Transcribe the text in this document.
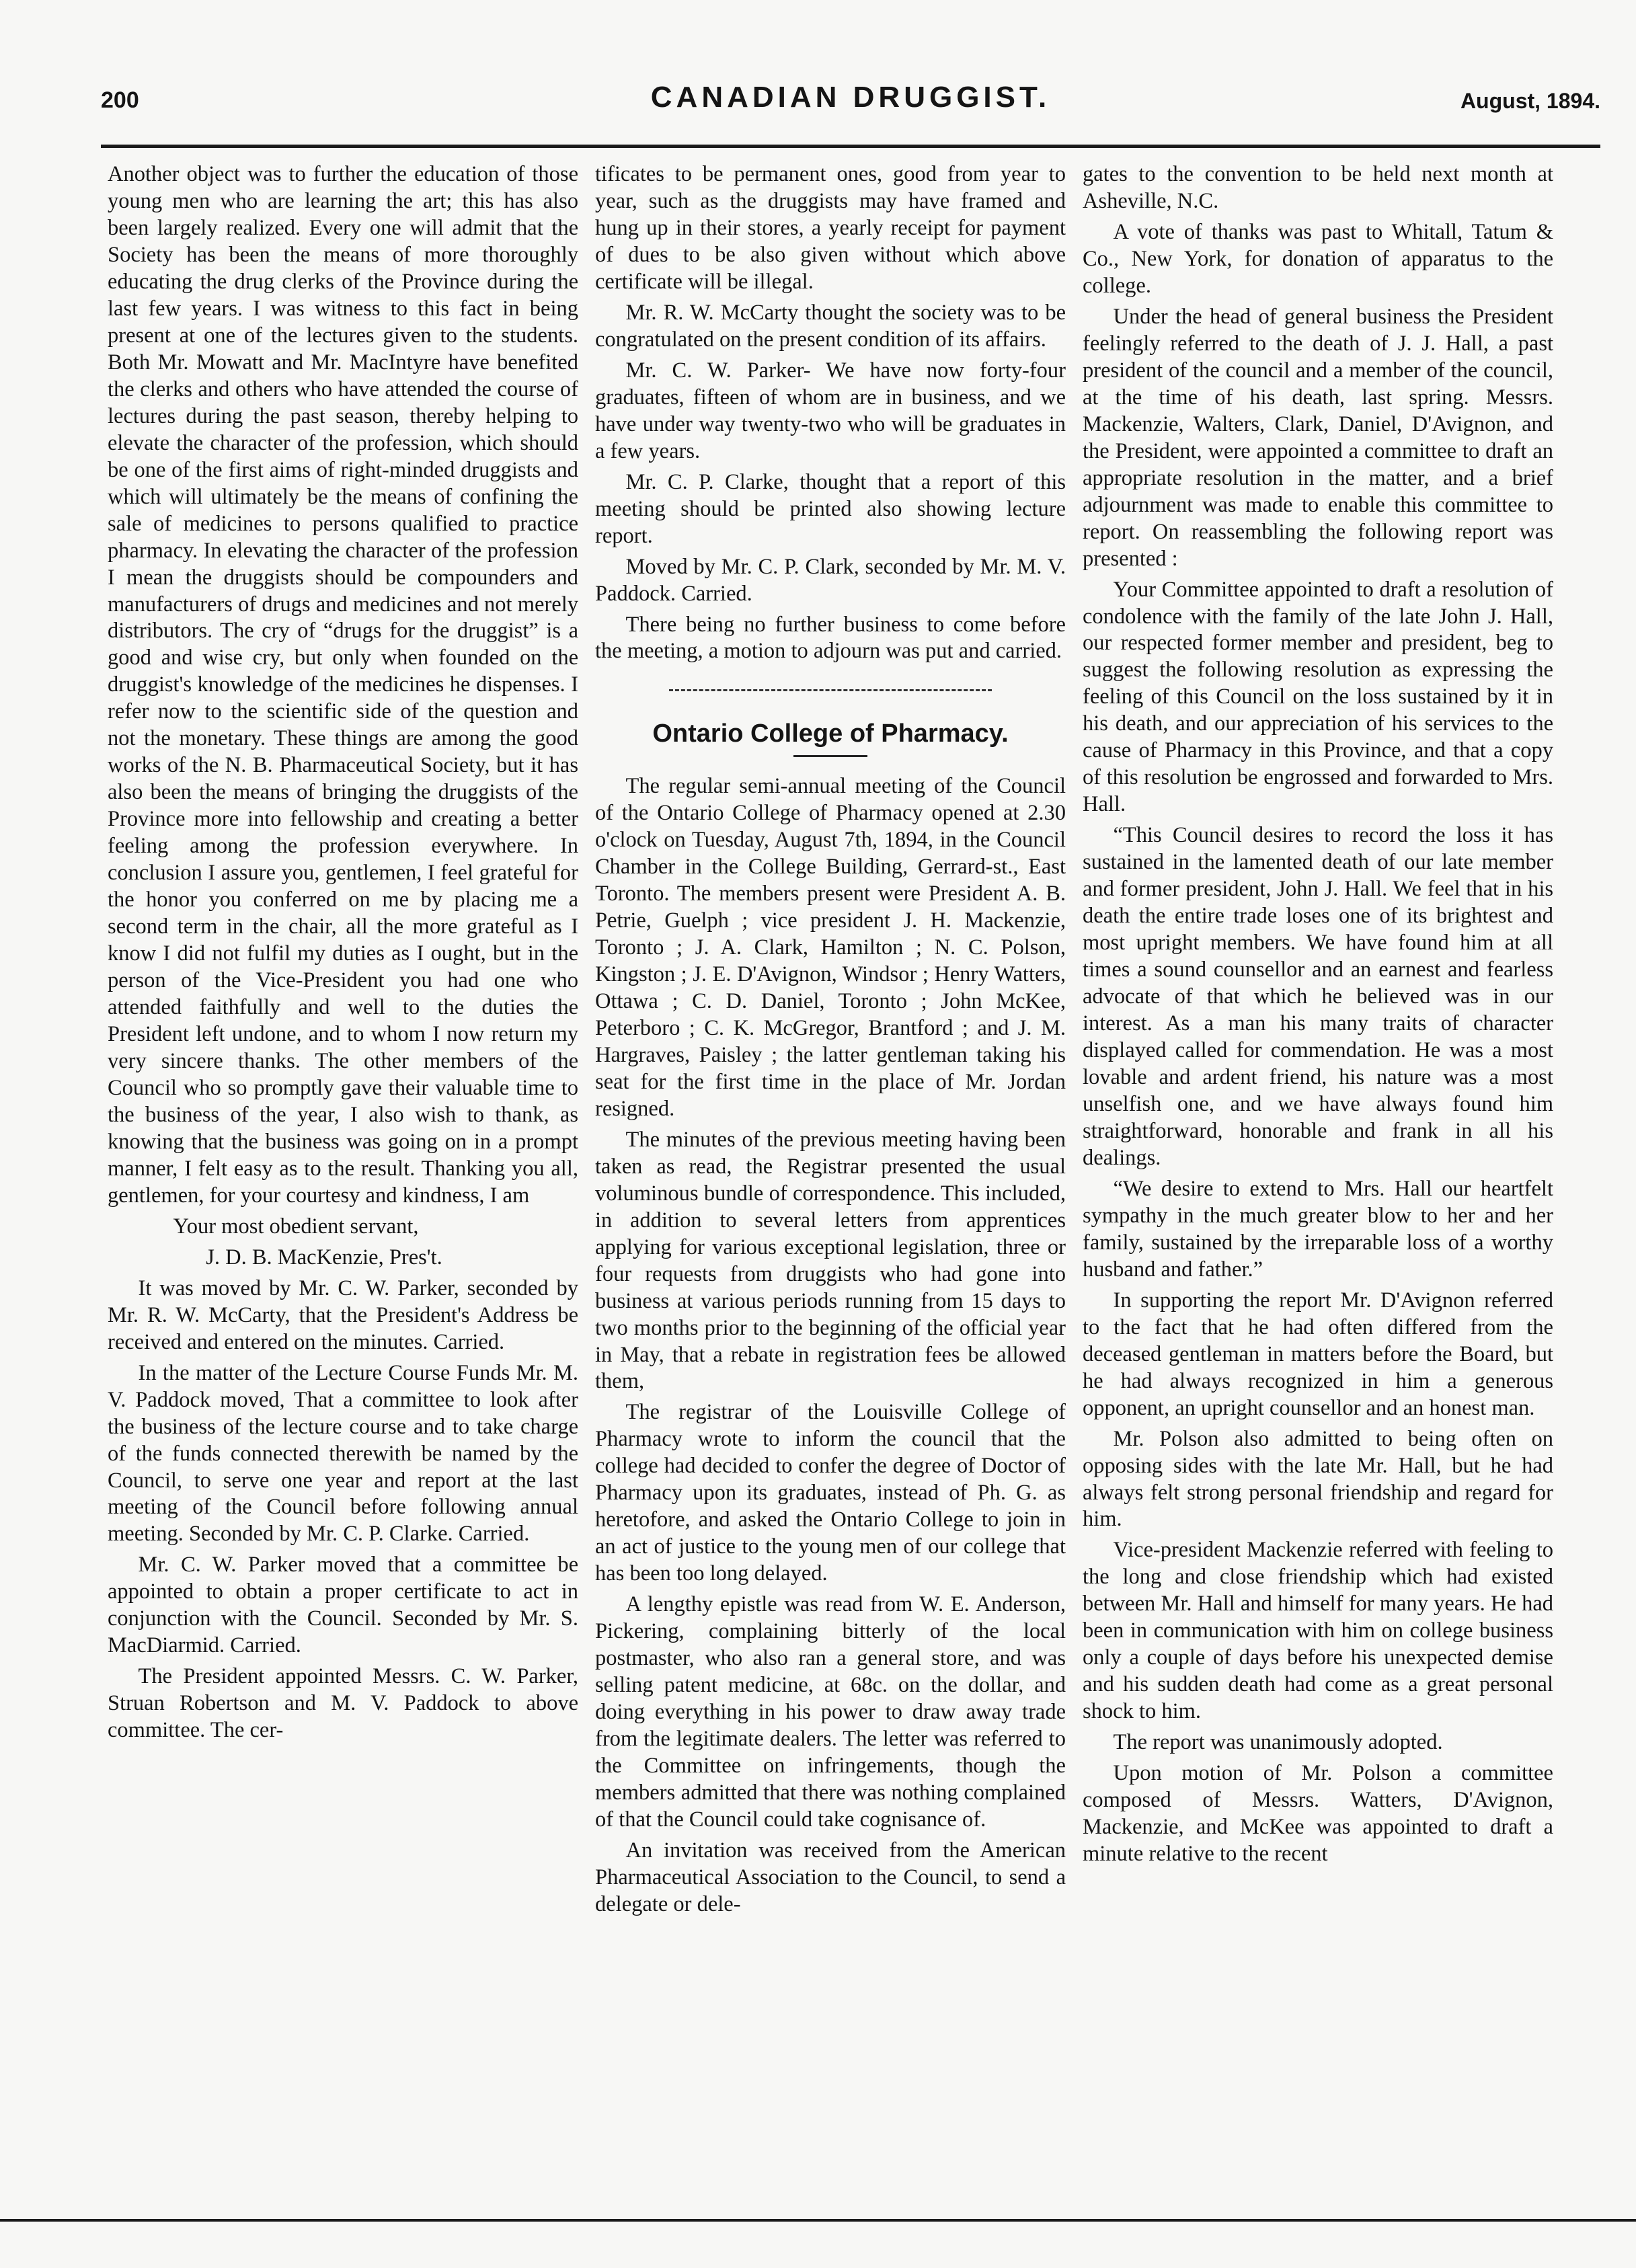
200	CANADIAN DRUGGIST.	August, 1894.

Another object was to further the education of those young men who are learning the art; this has also been largely realized. Every one will admit that the Society has been the means of more thoroughly educating the drug clerks of the Province during the last few years. I was witness to this fact in being present at one of the lectures given to the students. Both Mr. Mowatt and Mr. MacIntyre have benefited the clerks and others who have attended the course of lectures during the past season, thereby helping to elevate the character of the profession, which should be one of the first aims of right-minded druggists and which will ultimately be the means of confining the sale of medicines to persons qualified to practice pharmacy. In elevating the character of the profession I mean the druggists should be compounders and manufacturers of drugs and medicines and not merely distributors. The cry of “drugs for the druggist” is a good and wise cry, but only when founded on the druggist's knowledge of the medicines he dispenses. I refer now to the scientific side of the question and not the monetary. These things are among the good works of the N. B. Pharmaceutical Society, but it has also been the means of bringing the druggists of the Province more into fellowship and creating a better feeling among the profession everywhere. In conclusion I assure you, gentlemen, I feel grateful for the honor you conferred on me by placing me a second term in the chair, all the more grateful as I know I did not fulfil my duties as I ought, but in the person of the Vice-President you had one who attended faithfully and well to the duties the President left undone, and to whom I now return my very sincere thanks. The other members of the Council who so promptly gave their valuable time to the business of the year, I also wish to thank, as knowing that the business was going on in a prompt manner, I felt easy as to the result. Thanking you all, gentlemen, for your courtesy and kindness, I am

Your most obedient servant,

J. D. B. MacKenzie, Pres't.

It was moved by Mr. C. W. Parker, seconded by Mr. R. W. McCarty, that the President's Address be received and entered on the minutes. Carried.

In the matter of the Lecture Course Funds Mr. M. V. Paddock moved, That a committee to look after the business of the lecture course and to take charge of the funds connected therewith be named by the Council, to serve one year and report at the last meeting of the Council before following annual meeting. Seconded by Mr. C. P. Clarke. Carried.

Mr. C. W. Parker moved that a committee be appointed to obtain a proper certificate to act in conjunction with the Council. Seconded by Mr. S. MacDiarmid. Carried.

The President appointed Messrs. C. W. Parker, Struan Robertson and M. V. Paddock to above committee. The cer-

tificates to be permanent ones, good from year to year, such as the druggists may have framed and hung up in their stores, a yearly receipt for payment of dues to be also given without which above certificate will be illegal.

Mr. R. W. McCarty thought the society was to be congratulated on the present condition of its affairs.

Mr. C. W. Parker- We have now forty-four graduates, fifteen of whom are in business, and we have under way twenty-two who will be graduates in a few years.

Mr. C. P. Clarke, thought that a report of this meeting should be printed also showing lecture report.

Moved by Mr. C. P. Clark, seconded by Mr. M. V. Paddock. Carried.

There being no further business to come before the meeting, a motion to adjourn was put and carried.

Ontario College of Pharmacy.

The regular semi-annual meeting of the Council of the Ontario College of Pharmacy opened at 2.30 o'clock on Tuesday, August 7th, 1894, in the Council Chamber in the College Building, Gerrard-st., East Toronto. The members present were President A. B. Petrie, Guelph ; vice president J. H. Mackenzie, Toronto ; J. A. Clark, Hamilton ; N. C. Polson, Kingston ; J. E. D'Avignon, Windsor ; Henry Watters, Ottawa ; C. D. Daniel, Toronto ; John McKee, Peterboro ; C. K. McGregor, Brantford ; and J. M. Hargraves, Paisley ; the latter gentleman taking his seat for the first time in the place of Mr. Jordan resigned.

The minutes of the previous meeting having been taken as read, the Registrar presented the usual voluminous bundle of correspondence. This included, in addition to several letters from apprentices applying for various exceptional legislation, three or four requests from druggists who had gone into business at various periods running from 15 days to two months prior to the beginning of the official year in May, that a rebate in registration fees be allowed them,

The registrar of the Louisville College of Pharmacy wrote to inform the council that the college had decided to confer the degree of Doctor of Pharmacy upon its graduates, instead of Ph. G. as heretofore, and asked the Ontario College to join in an act of justice to the young men of our college that has been too long delayed.

A lengthy epistle was read from W. E. Anderson, Pickering, complaining bitterly of the local postmaster, who also ran a general store, and was selling patent medicine, at 68c. on the dollar, and doing everything in his power to draw away trade from the legitimate dealers. The letter was referred to the Committee on infringements, though the members admitted that there was nothing complained of that the Council could take cognisance of.

An invitation was received from the American Pharmaceutical Association to the Council, to send a delegate or dele-

gates to the convention to be held next month at Asheville, N.C.

A vote of thanks was past to Whitall, Tatum & Co., New York, for donation of apparatus to the college.

Under the head of general business the President feelingly referred to the death of J. J. Hall, a past president of the council and a member of the council, at the time of his death, last spring. Messrs. Mackenzie, Walters, Clark, Daniel, D'Avignon, and the President, were appointed a committee to draft an appropriate resolution in the matter, and a brief adjournment was made to enable this committee to report. On reassembling the following report was presented :

Your Committee appointed to draft a resolution of condolence with the family of the late John J. Hall, our respected former member and president, beg to suggest the following resolution as expressing the feeling of this Council on the loss sustained by it in his death, and our appreciation of his services to the cause of Pharmacy in this Province, and that a copy of this resolution be engrossed and forwarded to Mrs. Hall.

“This Council desires to record the loss it has sustained in the lamented death of our late member and former president, John J. Hall. We feel that in his death the entire trade loses one of its brightest and most upright members. We have found him at all times a sound counsellor and an earnest and fearless advocate of that which he believed was in our interest. As a man his many traits of character displayed called for commendation. He was a most lovable and ardent friend, his nature was a most unselfish one, and we have always found him straightforward, honorable and frank in all his dealings.

“We desire to extend to Mrs. Hall our heartfelt sympathy in the much greater blow to her and her family, sustained by the irreparable loss of a worthy husband and father.”

In supporting the report Mr. D'Avignon referred to the fact that he had often differed from the deceased gentleman in matters before the Board, but he had always recognized in him a generous opponent, an upright counsellor and an honest man.

Mr. Polson also admitted to being often on opposing sides with the late Mr. Hall, but he had always felt strong personal friendship and regard for him.

Vice-president Mackenzie referred with feeling to the long and close friendship which had existed between Mr. Hall and himself for many years. He had been in communication with him on college business only a couple of days before his unexpected demise and his sudden death had come as a great personal shock to him.

The report was unanimously adopted.

Upon motion of Mr. Polson a committee composed of Messrs. Watters, D'Avignon, Mackenzie, and McKee was appointed to draft a minute relative to the recent
